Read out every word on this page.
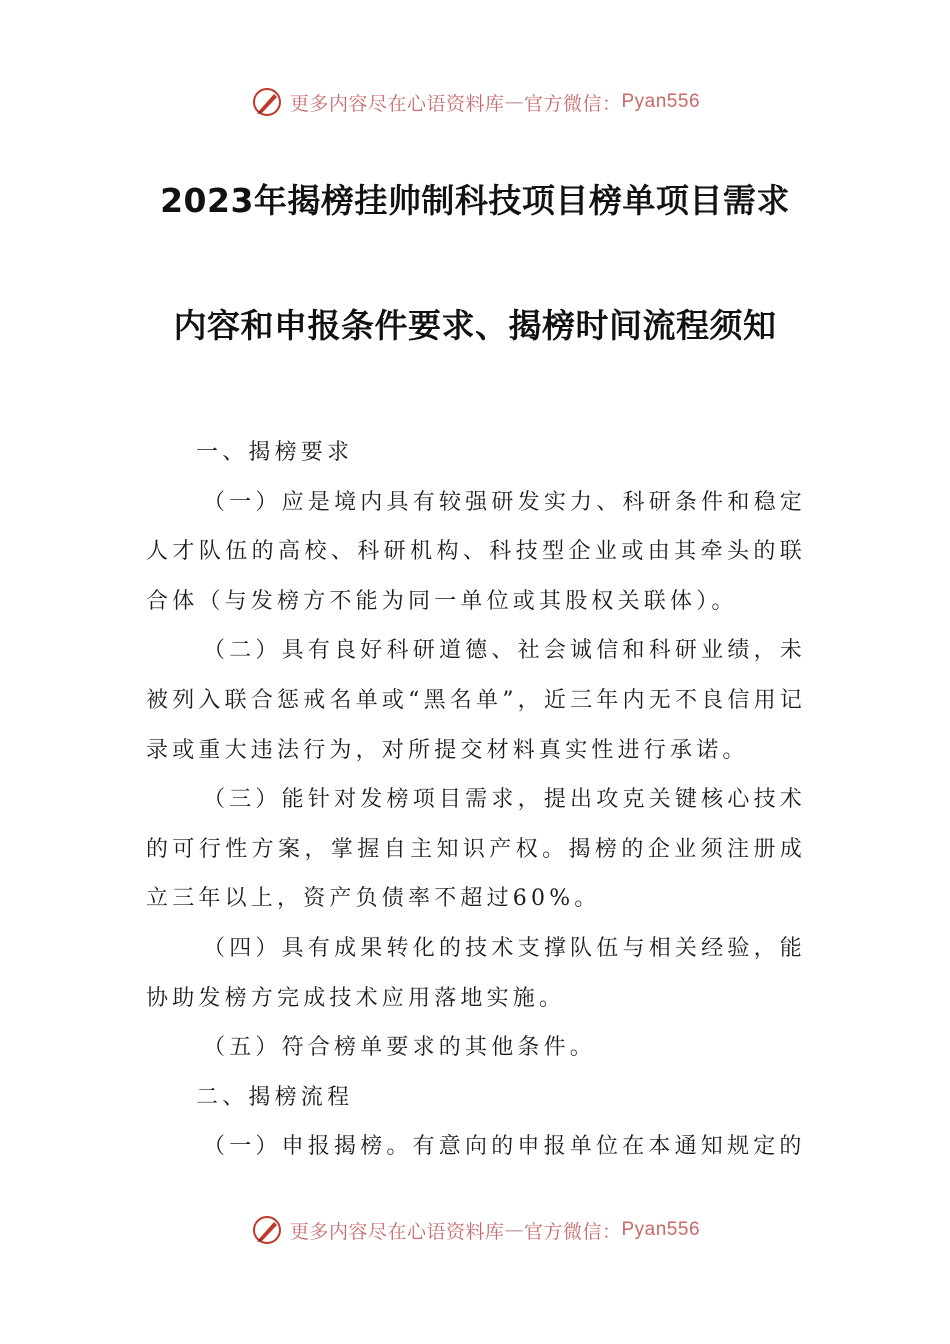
更多内容尽在心语资料库 — 官方微信： Pyan556
2023年揭榜挂帅制科技项目榜单项目需求
内容和申报条件要求、揭榜时间流程须知
一、揭榜要求

（一）应是境内具有较强研发实力、科研条件和稳定人才队伍的高校、科研机构、科技型企业或由其牵头的联合体（与发榜方不能为同一单位或其股权关联体）。

（二）具有良好科研道德、社会诚信和科研业绩，未被列入联合惩戒名单或“黑名单”，近三年内无不良信用记录或重大违法行为，对所提交材料真实性进行承诺。

（三）能针对发榜项目需求，提出攻克关键核心技术的可行性方案，掌握自主知识产权。揭榜的企业须注册成立三年以上，资产负债率不超过60%。

（四）具有成果转化的技术支撑队伍与相关经验，能协助发榜方完成技术应用落地实施。

（五）符合榜单要求的其他条件。

二、揭榜流程

（一）申报揭榜。有意向的申报单位在本通知规定的

更多内容尽在心语资料库 — 官方微信： Pyan556
